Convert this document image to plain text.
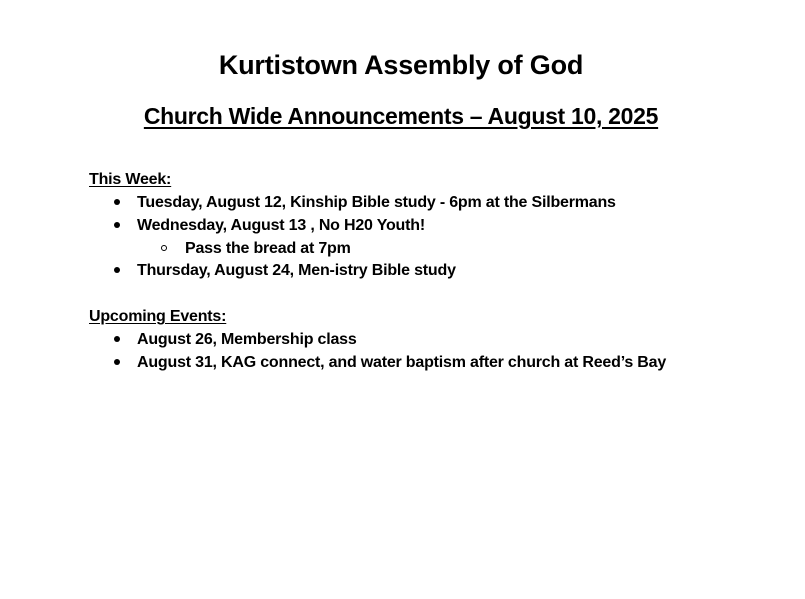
Kurtistown Assembly of God
Church Wide Announcements – August 10, 2025
This Week:
Tuesday, August 12, Kinship Bible study - 6pm at the Silbermans
Wednesday, August 13 , No H20 Youth!
Pass the bread at 7pm
Thursday, August 24, Men-istry Bible study
Upcoming Events:
August 26, Membership class
August 31, KAG connect, and water baptism after church at Reed’s Bay
